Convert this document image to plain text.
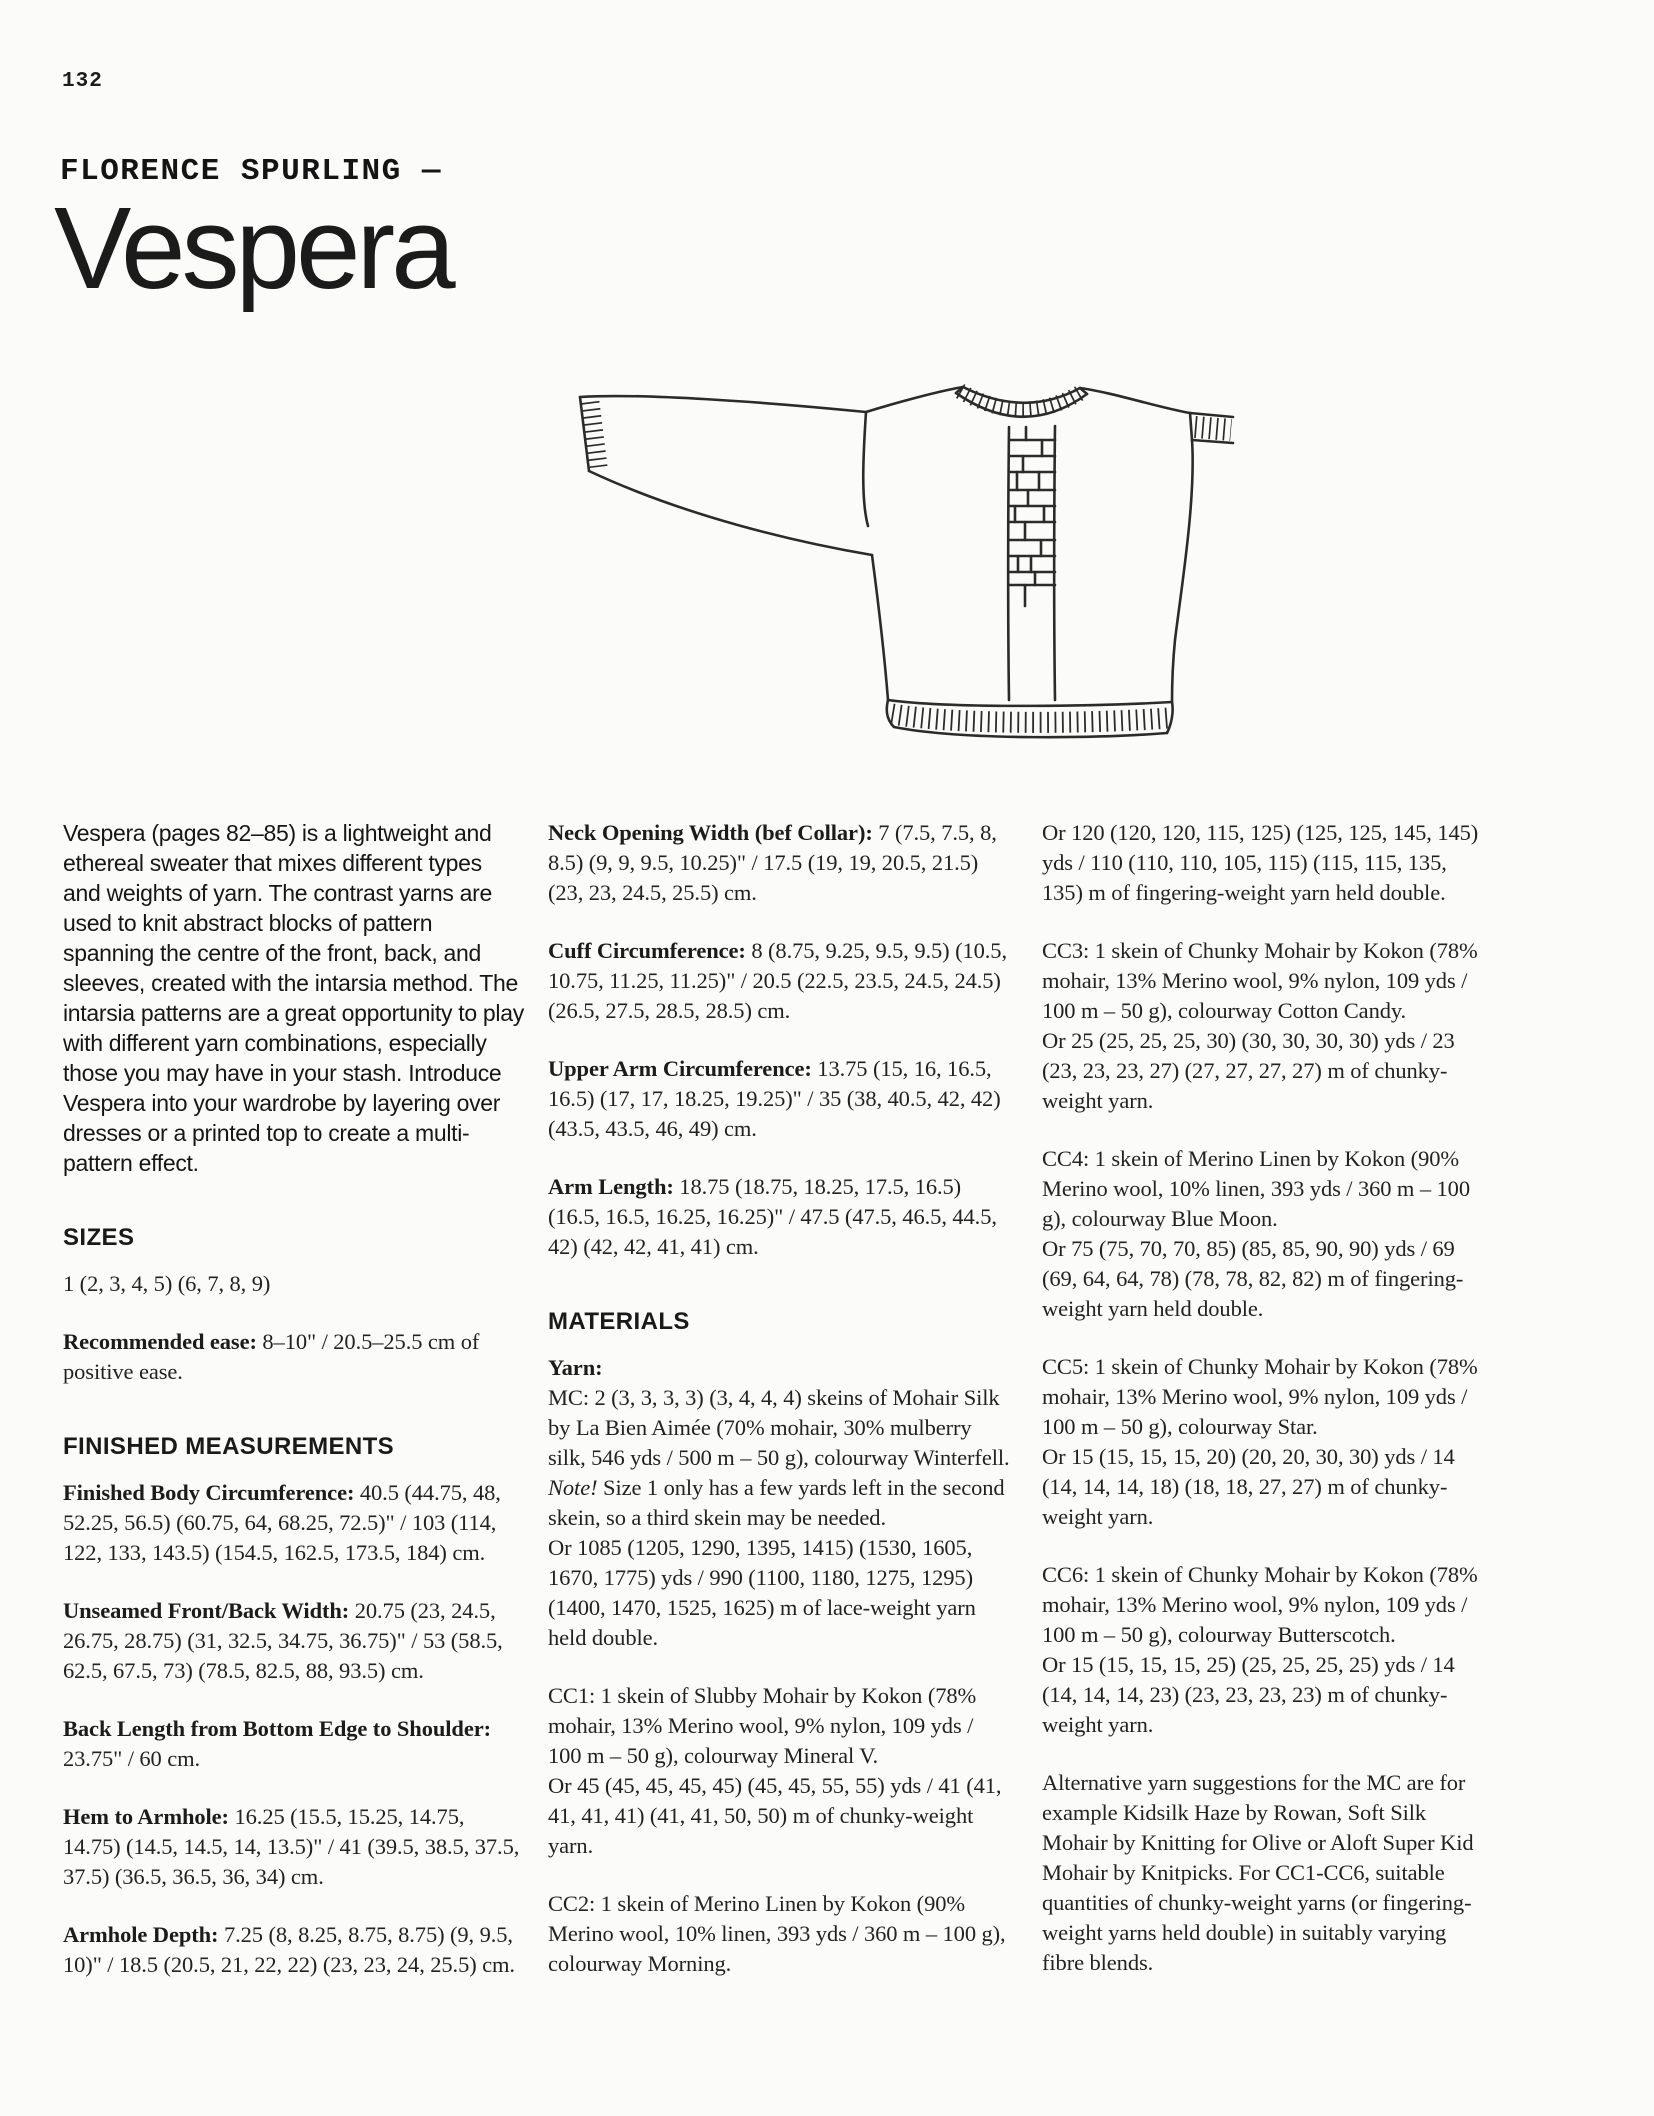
132
FLORENCE SPURLING —
Vespera

Vespera (pages 82–85) is a lightweight and ethereal sweater that mixes different types and weights of yarn. The contrast yarns are used to knit abstract blocks of pattern spanning the centre of the front, back, and sleeves, created with the intarsia method. The intarsia patterns are a great opportunity to play with different yarn combinations, especially those you may have in your stash. Introduce Vespera into your wardrobe by layering over dresses or a printed top to create a multi-pattern effect.

SIZES

1 (2, 3, 4, 5) (6, 7, 8, 9)

Recommended ease: 8–10" / 20.5–25.5 cm of positive ease.

FINISHED MEASUREMENTS

Finished Body Circumference: 40.5 (44.75, 48, 52.25, 56.5) (60.75, 64, 68.25, 72.5)" / 103 (114, 122, 133, 143.5) (154.5, 162.5, 173.5, 184) cm.

Unseamed Front/Back Width: 20.75 (23, 24.5, 26.75, 28.75) (31, 32.5, 34.75, 36.75)" / 53 (58.5, 62.5, 67.5, 73) (78.5, 82.5, 88, 93.5) cm.

Back Length from Bottom Edge to Shoulder: 23.75" / 60 cm.

Hem to Armhole: 16.25 (15.5, 15.25, 14.75, 14.75) (14.5, 14.5, 14, 13.5)" / 41 (39.5, 38.5, 37.5, 37.5) (36.5, 36.5, 36, 34) cm.

Armhole Depth: 7.25 (8, 8.25, 8.75, 8.75) (9, 9.5, 10)" / 18.5 (20.5, 21, 22, 22) (23, 23, 24, 25.5) cm.

Neck Opening Width (bef Collar): 7 (7.5, 7.5, 8, 8.5) (9, 9, 9.5, 10.25)" / 17.5 (19, 19, 20.5, 21.5) (23, 23, 24.5, 25.5) cm.

Cuff Circumference: 8 (8.75, 9.25, 9.5, 9.5) (10.5, 10.75, 11.25, 11.25)" / 20.5 (22.5, 23.5, 24.5, 24.5) (26.5, 27.5, 28.5, 28.5) cm.

Upper Arm Circumference: 13.75 (15, 16, 16.5, 16.5) (17, 17, 18.25, 19.25)" / 35 (38, 40.5, 42, 42) (43.5, 43.5, 46, 49) cm.

Arm Length: 18.75 (18.75, 18.25, 17.5, 16.5) (16.5, 16.5, 16.25, 16.25)" / 47.5 (47.5, 46.5, 44.5, 42) (42, 42, 41, 41) cm.

MATERIALS
Yarn:
MC: 2 (3, 3, 3, 3) (3, 4, 4, 4) skeins of Mohair Silk by La Bien Aimée (70% mohair, 30% mulberry silk, 546 yds / 500 m – 50 g), colourway Winterfell.
Note! Size 1 only has a few yards left in the second skein, so a third skein may be needed.
Or 1085 (1205, 1290, 1395, 1415) (1530, 1605, 1670, 1775) yds / 990 (1100, 1180, 1275, 1295) (1400, 1470, 1525, 1625) m of lace-weight yarn held double.
CC1: 1 skein of Slubby Mohair by Kokon (78% mohair, 13% Merino wool, 9% nylon, 109 yds / 100 m – 50 g), colourway Mineral V.
Or 45 (45, 45, 45, 45) (45, 45, 55, 55) yds / 41 (41, 41, 41, 41) (41, 41, 50, 50) m of chunky-weight yarn.
CC2: 1 skein of Merino Linen by Kokon (90% Merino wool, 10% linen, 393 yds / 360 m – 100 g), colourway Morning.
Or 120 (120, 120, 115, 125) (125, 125, 145, 145) yds / 110 (110, 110, 105, 115) (115, 115, 135, 135) m of fingering-weight yarn held double.
CC3: 1 skein of Chunky Mohair by Kokon (78% mohair, 13% Merino wool, 9% nylon, 109 yds / 100 m – 50 g), colourway Cotton Candy.
Or 25 (25, 25, 25, 30) (30, 30, 30, 30) yds / 23 (23, 23, 23, 27) (27, 27, 27, 27) m of chunky-weight yarn.
CC4: 1 skein of Merino Linen by Kokon (90% Merino wool, 10% linen, 393 yds / 360 m – 100 g), colourway Blue Moon.
Or 75 (75, 70, 70, 85) (85, 85, 90, 90) yds / 69 (69, 64, 64, 78) (78, 78, 82, 82) m of fingering-weight yarn held double.
CC5: 1 skein of Chunky Mohair by Kokon (78% mohair, 13% Merino wool, 9% nylon, 109 yds / 100 m – 50 g), colourway Star.
Or 15 (15, 15, 15, 20) (20, 20, 30, 30) yds / 14 (14, 14, 14, 18) (18, 18, 27, 27) m of chunky-weight yarn.
CC6: 1 skein of Chunky Mohair by Kokon (78% mohair, 13% Merino wool, 9% nylon, 109 yds / 100 m – 50 g), colourway Butterscotch.
Or 15 (15, 15, 15, 25) (25, 25, 25, 25) yds / 14 (14, 14, 14, 23) (23, 23, 23, 23) m of chunky-weight yarn.
Alternative yarn suggestions for the MC are for example Kidsilk Haze by Rowan, Soft Silk Mohair by Knitting for Olive or Aloft Super Kid Mohair by Knitpicks. For CC1-CC6, suitable quantities of chunky-weight yarns (or fingering-weight yarns held double) in suitably varying fibre blends.
